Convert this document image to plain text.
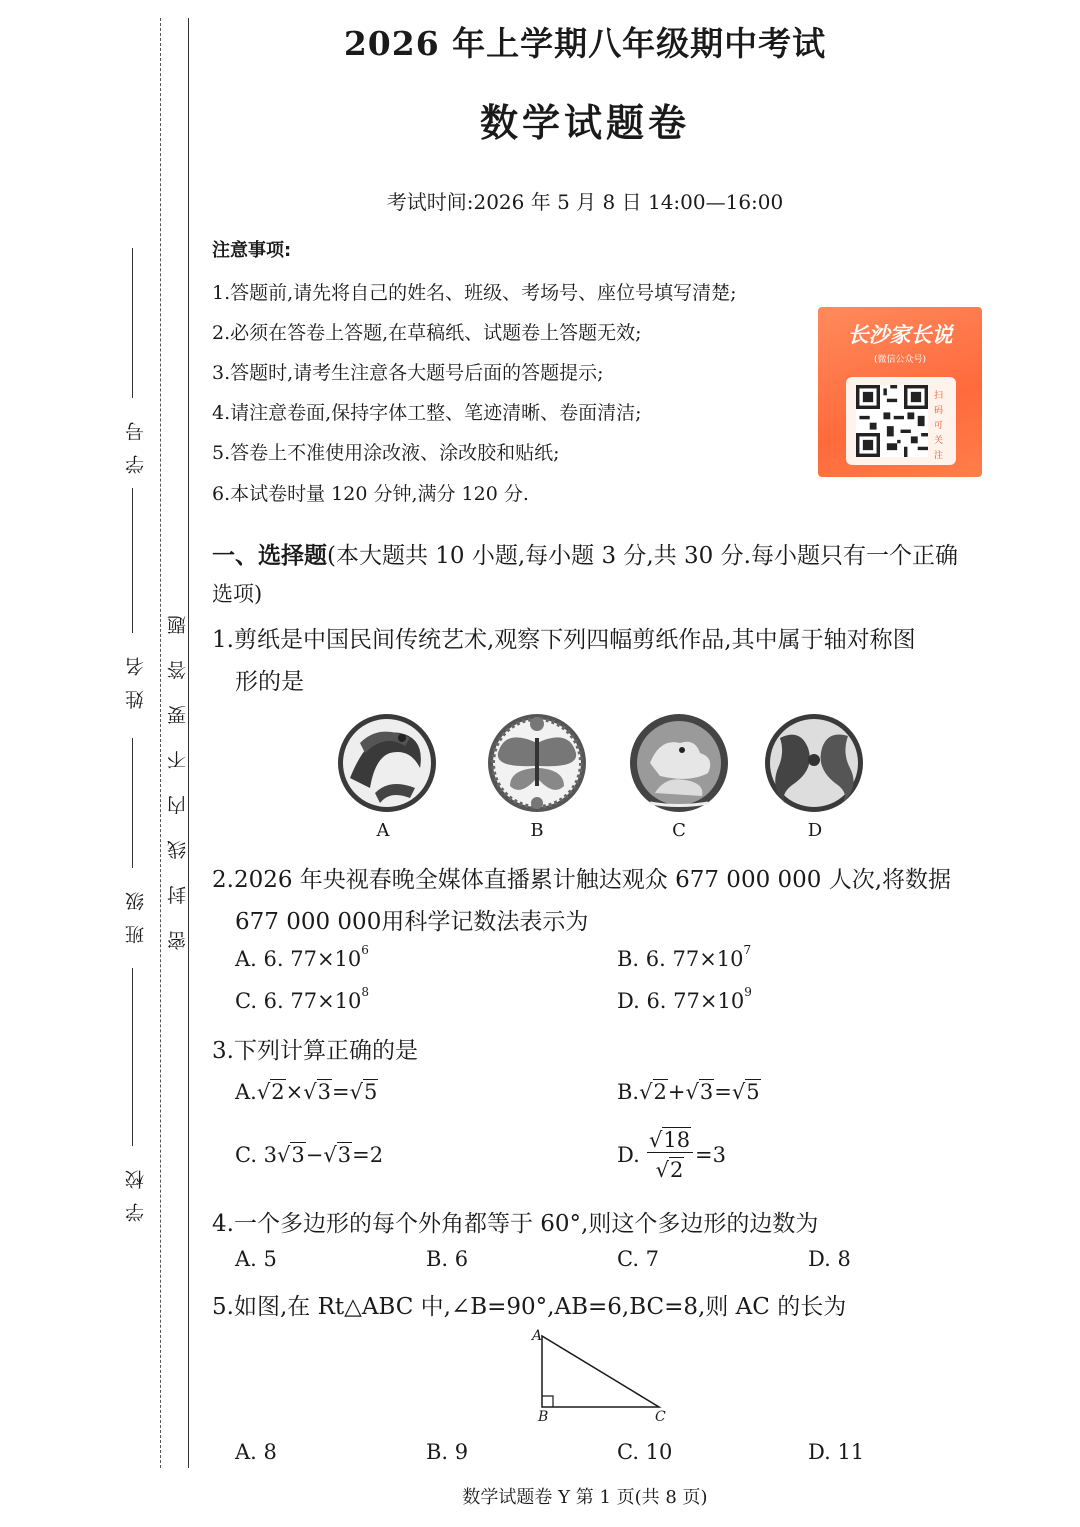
学号
姓名
班级
学校
密 封 线 内 不 要 答 题
2026 年上学期八年级期中考试
数学试题卷
考试时间:2026 年 5 月 8 日 14:00—16:00
注意事项:
1.答题前,请先将自己的姓名、班级、考场号、座位号填写清楚;
2.必须在答卷上答题,在草稿纸、试题卷上答题无效;
3.答题时,请考生注意各大题号后面的答题提示;
4.请注意卷面,保持字体工整、笔迹清晰、卷面清洁;
5.答卷上不准使用涂改液、涂改胶和贴纸;
6.本试卷时量 120 分钟,满分 120 分.
长沙家长说
(微信公众号)
扫码可关注
一、选择题(本大题共 10 小题,每小题 3 分,共 30 分.每小题只有一个正确
选项)
1.剪纸是中国民间传统艺术,观察下列四幅剪纸作品,其中属于轴对称图
形的是
A	B	C	D
2.2026 年央视春晚全媒体直播累计触达观众 677 000 000 人次,将数据
677 000 000用科学记数法表示为
A. 6. $77\times 10^6$	B. 6. $77\times 10^7$
C. 6. $77\times 10^8$	D. 6. $77\times 10^9$
3.下列计算正确的是
A.√2×√3=√5	B.√2+√3=√5
C. 3√3−√3=2	D.
√18
√2
=3
4.一个多边形的每个外角都等于 60°,则这个多边形的边数为
A. 5	B. 6	C. 7	D. 8
5.如图,在 Rt△ABC 中,∠B=90°,AB=6,BC=8,则 AC 的长为
A
B	C
A. 8	B. 9	C. 10	D. 11
数学试题卷 Y 第 1 页(共 8 页)
